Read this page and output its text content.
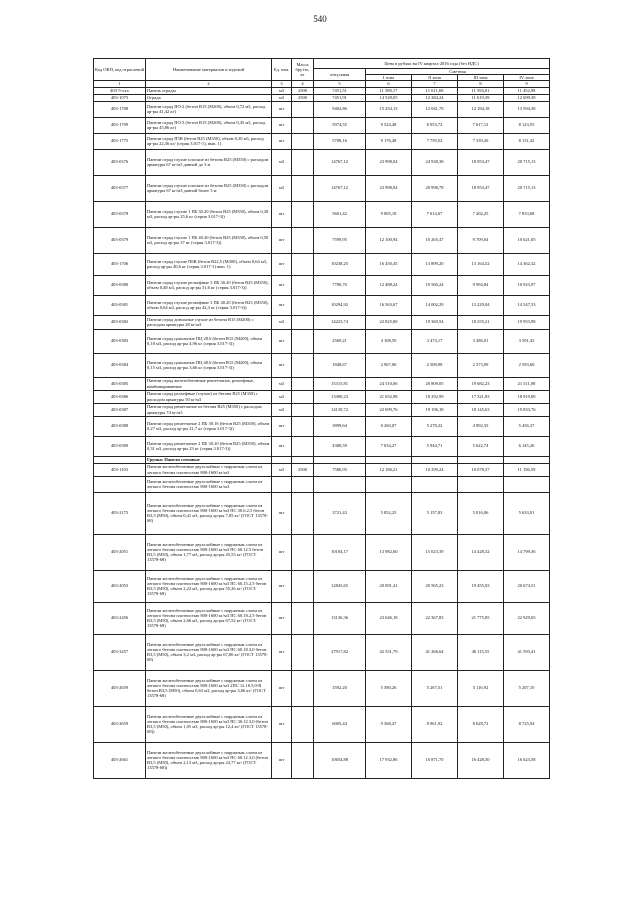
540
Код ОКП, код отраслевой	Наименование материалов и изделий	Ед. изм.	Масса брутто, кг	Цена в рублях на IV квартал 2016 года (без НДС)				
				отпускная	Сметная			
					I зона	II зона	III зона	IV зона
1	2	3	4	5	6	7	8	9
403-5-xxx	Панель ограды	м3	2500	7451,51	11 588,17	11 611,68	11 594,01	11 452,98
403-1075	Ограда	м3	2500	7451,91	14 528,05	12 284,24	11 619,39	12 699,38
403-1708	Панели оград ПО-2 (бетон В15 (М200), объем 0,72 м3, расход ар-ры 41,42 кг)	шт		9402,86	15 254,13	12 041,79	12 184,18	13 594,38
403-1709	Панели оград ПО-3 (бетон В15 (М200), объем 0,45 м3, расход ар-ры 45,86 кг)	шт		5974,55	9 524,48	8 053,72	7 617,12	8 123,55
403-1775	Панели оград П5В (бетон В25 (М350), объем 0,30 м3, расход ар-ры 22,36 кг/ (серия 3.017-1), вып. 1)	шт		5708,16	9 176,48	7 759,52	7 339,26	8 131,42
403-0376	Панели оград глухие плоские из бетона В25 (М350) с расходом арматуры 67 кг/м3 данной до 3 м	м3		14767,12	23 998,04	24 938,38	18 953,47	20 715,13
403-0377	Панели оград глухие плоские из бетона В25 (М350) с расходом арматуры 67 кг/м3 данной более 3 м	м3		14767,12	23 998,04	20 998,78	18 953,47	20 715,13
403-0378	Панели оград глухие 1 ПБ 30.20 (бетон В25 (М350), объем 0,38 м3, расход ар-ры 25,6 кг (серия 3.017-3))	шт		5601,42	9 005,18	7 614,67	7 202,25	7 833,68
403-0379	Панели оград глухие 1 ПБ 40.20 (бетон В25 (М350), объем 0,50 м3, расход ар-ры 37 кг (серия 3.017-3))	шт		7599,95	12 100,94	10 265,47	9 709,04	10 621,05
403-1706	Панели оград глухие П6В (бетон В22,5 (М300), объем 0,64 м3, расход ар-ры 40,6 кг (серия 3.017-1) вып. 1)	шт		10238,25	16 450,45	13 899,20	13 164,52	14 362,32
403-0380	Панели оград глухие рельефные 3 ПБ 30.20 (бетон В25 (М350), объем 0,48 м3, расход ар-ры 31,6 кг (серия 3.017-3))	шт		7780,70	12 488,24	10 560,24	9 994,84	10 923,97
403-0381	Панели оград глухие рельефные 3 ПБ 40.20 (бетон В25 (М350), объем 0,64 м3, расход ар-ры 42,3 кг (серия 3.017-3))	шт		10294,92	16 563,67	14 002,29	13 229,04	14 547,53
403-0382	Панели оград доюльные глухие из бетона В15 (М200) с расходом арматуры 28 кг/м3	м3		14223,74	22 825,00	19 369,54	18 255,21	19 953,98
403-0383	Панели оград цокольные ПЦ 28.6 (бетон В15 (М200), объем 0,18 м3, расход ар-ры 4,96 кг (серия 3.017-3))	шт		2569,21	4 108,59	3 474,17	3 286,01	3 591,43
403-0384	Панели оград цокольные ПЦ 40.6 (бетон В15 (М200), объем 0,15 м3, расход ар-ры 3,66 кг (серия 3.017-3))	шт		1848,67	2 967,06	2 508,98	2 373,09	2 593,60
403-0385	Панели оград железобетонные решетчатые, рельефные, комбинированные	м3		15315,81	24 510,06	20 809,05	19 682,23	21 511,08
403-0386	Панели оград рельефные (глухие) из бетона В25 (М350) с расходом арматуры 50 кг/м3	м3		13490,23	21 652,98	18 292,99	17 321,83	18 919,00
403-0387	Панели оград решетчатые из бетона В25 (М350) с расходом арматуры 74 кг/м3	м3		14139,72	22 699,76	19 196,18	18 145,63	19 833,76
403-0388	Панели оград решетчатые 2 ПБ 30.16 (бетон В25 (М350), объем 0,27 м3, расход ар-ры 21,7 кг (серия 3.017-3))	шт		3899,64	6 260,07	5 278,22	4 992,35	5 456,37
403-0389	Панели оград решетчатые 2 ПБ 30.20 (бетон В25 (М350), объем 0,31 м3, расход ар-ры 23 кг (серия 3.017-3))	шт		4380,59	7 034,27	5 944,71	5 622,74	6 145,26
	Группа: Панели стеновые							
403-1103	Панели железобетонные двухслойные с наружным слоем из легкого бетона плотностью 800-1600 кг/м3	м3	2500	7586,95	12 186,21	10 299,24	10 078,37	11 196,59
	Панели железобетонные двухслойные с наружным слоем из легкого бетона плотностью 800-1600 кг/м3							
403-2175	Панели железобетонные двухслойные с наружным слоем из легкого бетона плотностью 800-1600 кг/м3 ПС 30.6.2,5 бетон В3,5 (М50), объем 0,41 м3, расход ар-ры 7,85 кг/ (ГОСТ 13578-68)	шт		3721,43	5 852,25	5 157,03	5 016,06	5 633,01
403-2051	Панели железобетонные двухслойные с наружным слоем из легкого бетона плотностью 800-1600 кг/м3 ПС 60.12.5 бетон В3,5 (М50), объем 1,77 м3, расход ар-ры 45,53 кг/ (ГОСТ 13578-68)	шт		10104,17	13 982,60	15 023,39	14 428,32	14 799,36
403-2053	Панели железобетонные двухслойные с наружным слоем из легкого бетона плотностью 800-1600 кг/м3 ПС 60.15.2,5 бетон В3,5 (М50), объем 2,22 м3, расход ар-ры 55,26 кг/ (ГОСТ 13578-68)	шт		12843,65	20 091,41	20 565,23	19 455,03	20 674,51
403-2456	Панели железобетонные двухслойные с наружным слоем из легкого бетона плотностью 800-1600 кг/м3 ПС 60.18.2,5 бетон В3,5 (М50), объем 2,66 м3, расход ар-ры 67,52 кг/ (ГОСТ 13578-68)	шт		13136,36	23 646,18	22 367,83	21 775,85	22 929,65
403-3457	Панели железобетонные двухслойные с наружным слоем из легкого бетона плотностью 800-1600 кг/м3 ПС 60.18.3,0 бетон В3,5 (М50), объем 3,2 м3, расход ар-ры 67,86 кг/ (ГОСТ 13578-68)	шт		27917,82	42 551,79	41 266,64	40 115,55	41 593,41
403-2659	Панели железобетонные двухслойные с наружным слоем из легкого бетона плотностью 800-1600 кг/м3 2ПС 12.18.3,0-В бетон В3,5 (М50), объем 0,63 м3, расход ар-ры 3,66 кг/ (ГОСТ 13578-68)	шт		3592,20	5 580,26	5 267,51	5 116,92	5 207,10
403-2659	Панели железобетонные двухслойные с наружным слоем из легкого бетона плотностью 800-1600 кг/м3 ПС 30.12.3,0 (бетон В3,5 (М50), объем 1,05 м3, расход ар-ры 12,4 кг/ (ГОСТ 13578-68))	шт		6005,44	9 368,47	8 961,92	8 628,72	8 725,94
403-2661	Панели железобетонные двухслойные с наружным слоем из легкого бетона плотностью 800-1600 кг/м3 ПС 60.12.3,0 (бетон В3,5 (М50), объем 2,13 м3, расход ар-ры 24,77 кг/ (ГОСТ 13578-68))	шт		10654,88	17 932,86	16 871,70	16 428,50	16 623,58
